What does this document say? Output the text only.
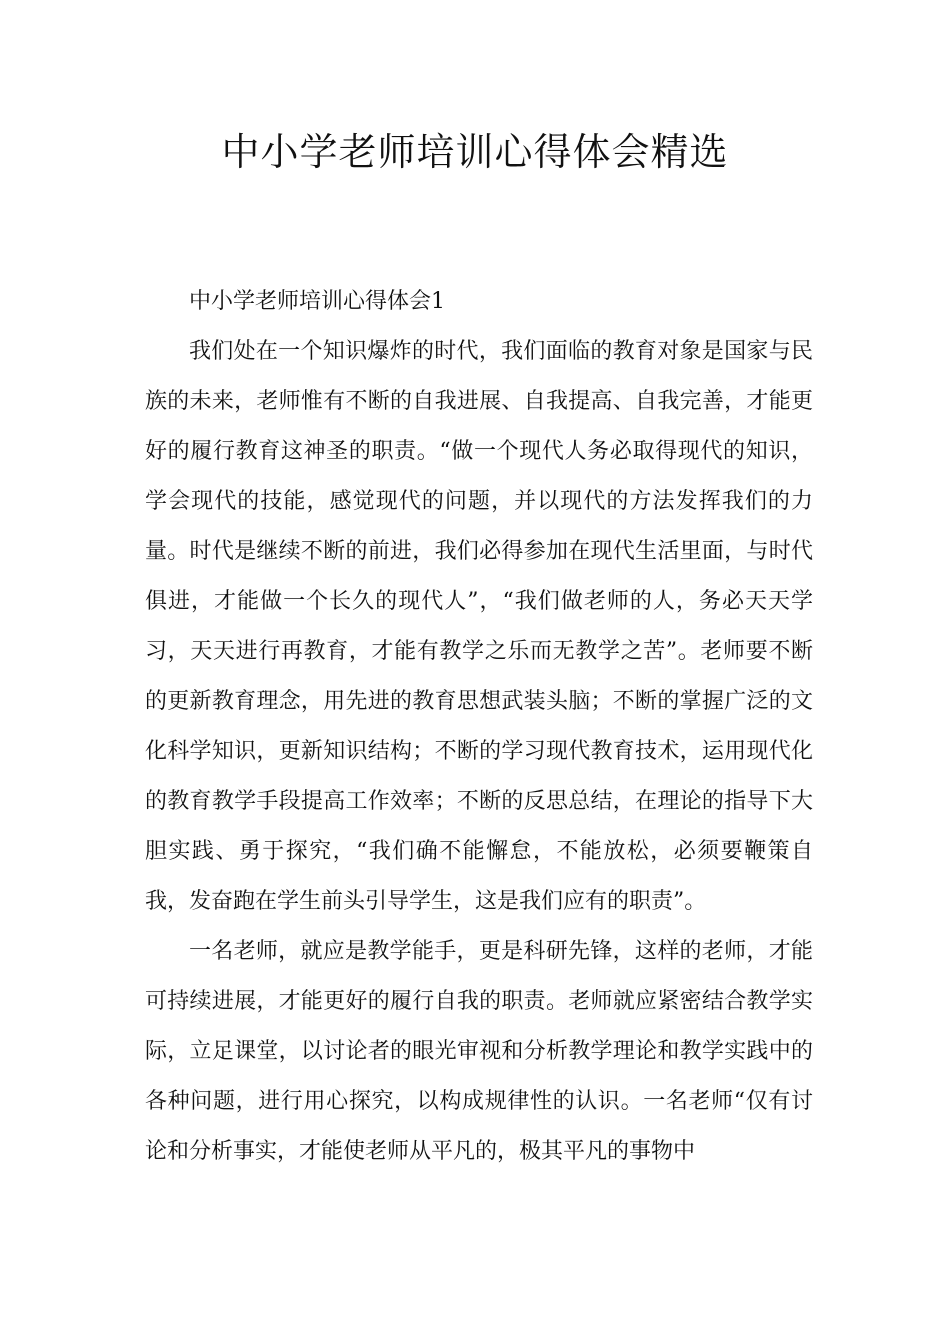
中小学老师培训心得体会精选

中小学老师培训心得体会1

我们处在一个知识爆炸的时代，我们面临的教育对象是国家与民族的未来，老师惟有不断的自我进展、自我提高、自我完善，才能更好的履行教育这神圣的职责。“做一个现代人务必取得现代的知识，学会现代的技能，感觉现代的问题，并以现代的方法发挥我们的力量。时代是继续不断的前进，我们必得参加在现代生活里面，与时代俱进，才能做一个长久的现代人”，“我们做老师的人，务必天天学习，天天进行再教育，才能有教学之乐而无教学之苦”。老师要不断的更新教育理念，用先进的教育思想武装头脑；不断的掌握广泛的文化科学知识，更新知识结构；不断的学习现代教育技术，运用现代化的教育教学手段提高工作效率；不断的反思总结，在理论的指导下大胆实践、勇于探究，“我们确不能懈怠，不能放松，必须要鞭策自我，发奋跑在学生前头引导学生，这是我们应有的职责”。

一名老师，就应是教学能手，更是科研先锋，这样的老师，才能可持续进展，才能更好的履行自我的职责。老师就应紧密结合教学实际，立足课堂，以讨论者的眼光审视和分析教学理论和教学实践中的各种问题，进行用心探究，以构成规律性的认识。一名老师“仅有讨论和分析事实，才能使老师从平凡的，极其平凡的事物中
